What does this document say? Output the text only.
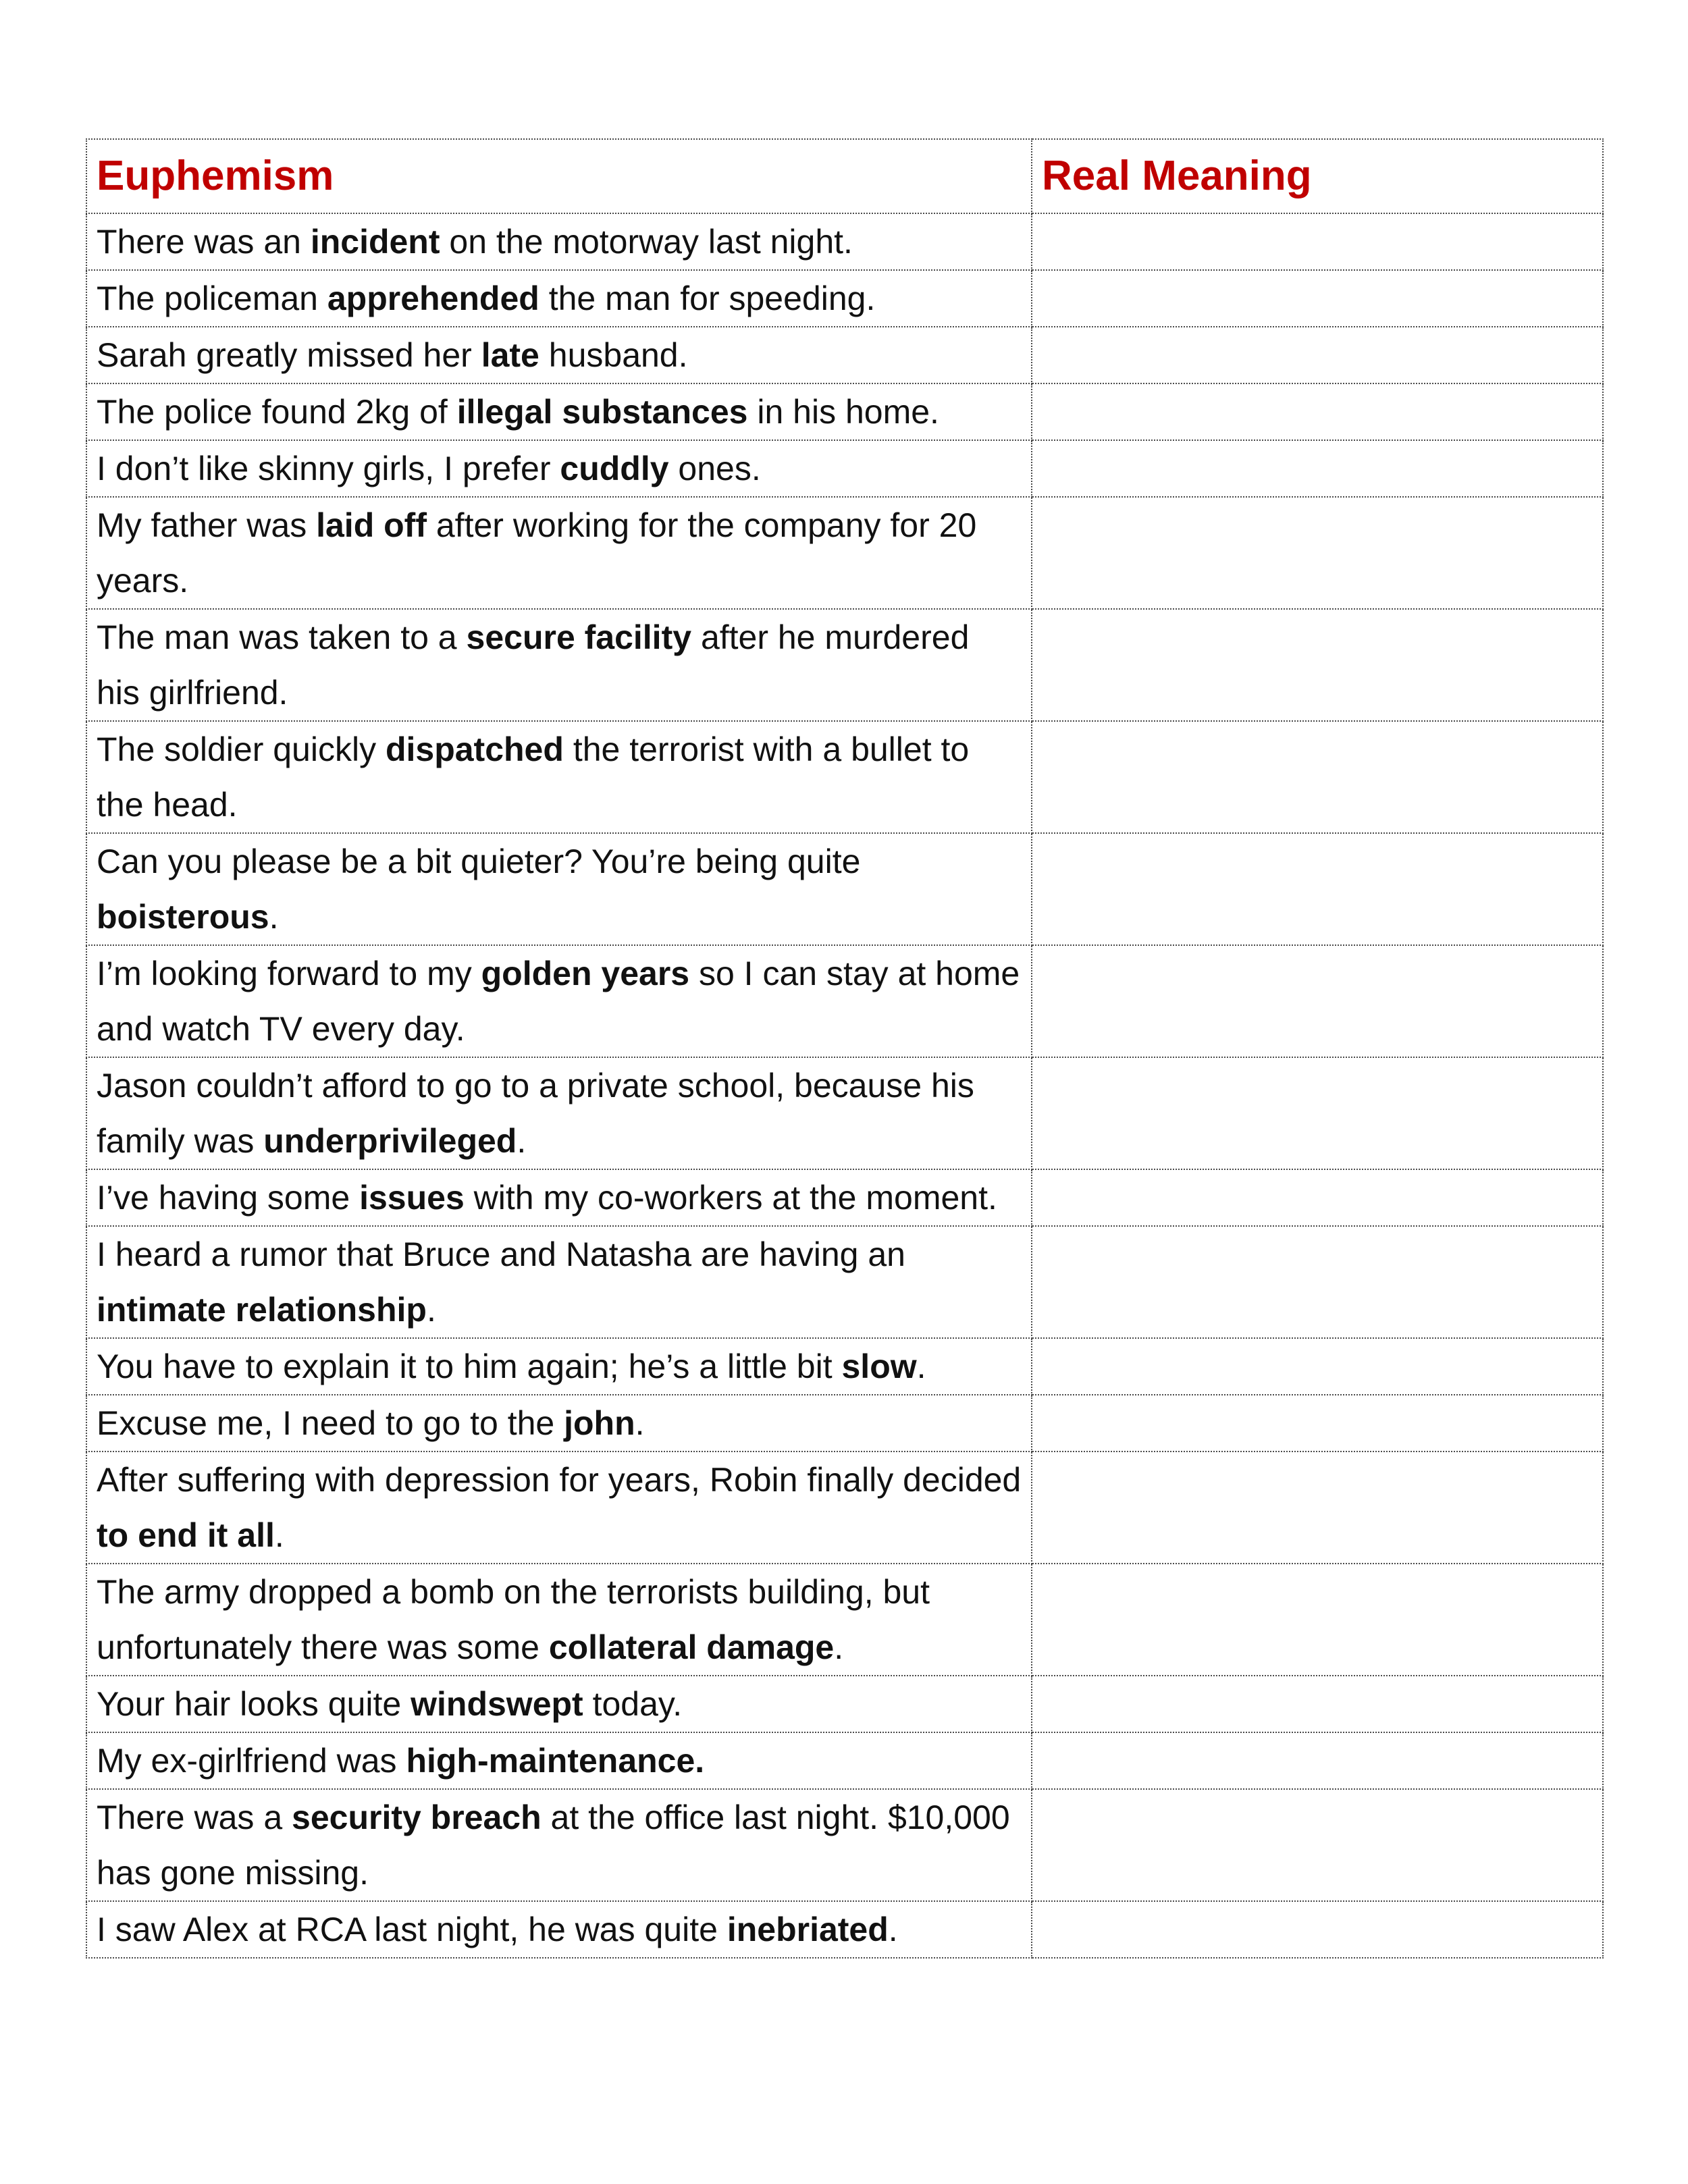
Euphemism	Real Meaning
There was an incident on the motorway last night.	
The policeman apprehended the man for speeding.	
Sarah greatly missed her late husband.	
The police found 2kg of illegal substances in his home.	
I don’t like skinny girls, I prefer cuddly ones.	
My father was laid off after working for the company for 20 years.	
The man was taken to a secure facility after he murdered his girlfriend.	
The soldier quickly dispatched the terrorist with a bullet to the head.	
Can you please be a bit quieter? You’re being quite boisterous.	
I’m looking forward to my golden years so I can stay at home and watch TV every day.	
Jason couldn’t afford to go to a private school, because his family was underprivileged.	
I’ve having some issues with my co-workers at the moment.	
I heard a rumor that Bruce and Natasha are having an intimate relationship.	
You have to explain it to him again; he’s a little bit slow.	
Excuse me, I need to go to the john.	
After suffering with depression for years, Robin finally decided to end it all.	
The army dropped a bomb on the terrorists building, but unfortunately there was some collateral damage.	
Your hair looks quite windswept today.	
My ex-girlfriend was high-maintenance.	
There was a security breach at the office last night. $10,000 has gone missing.	
I saw Alex at RCA last night, he was quite inebriated.	
